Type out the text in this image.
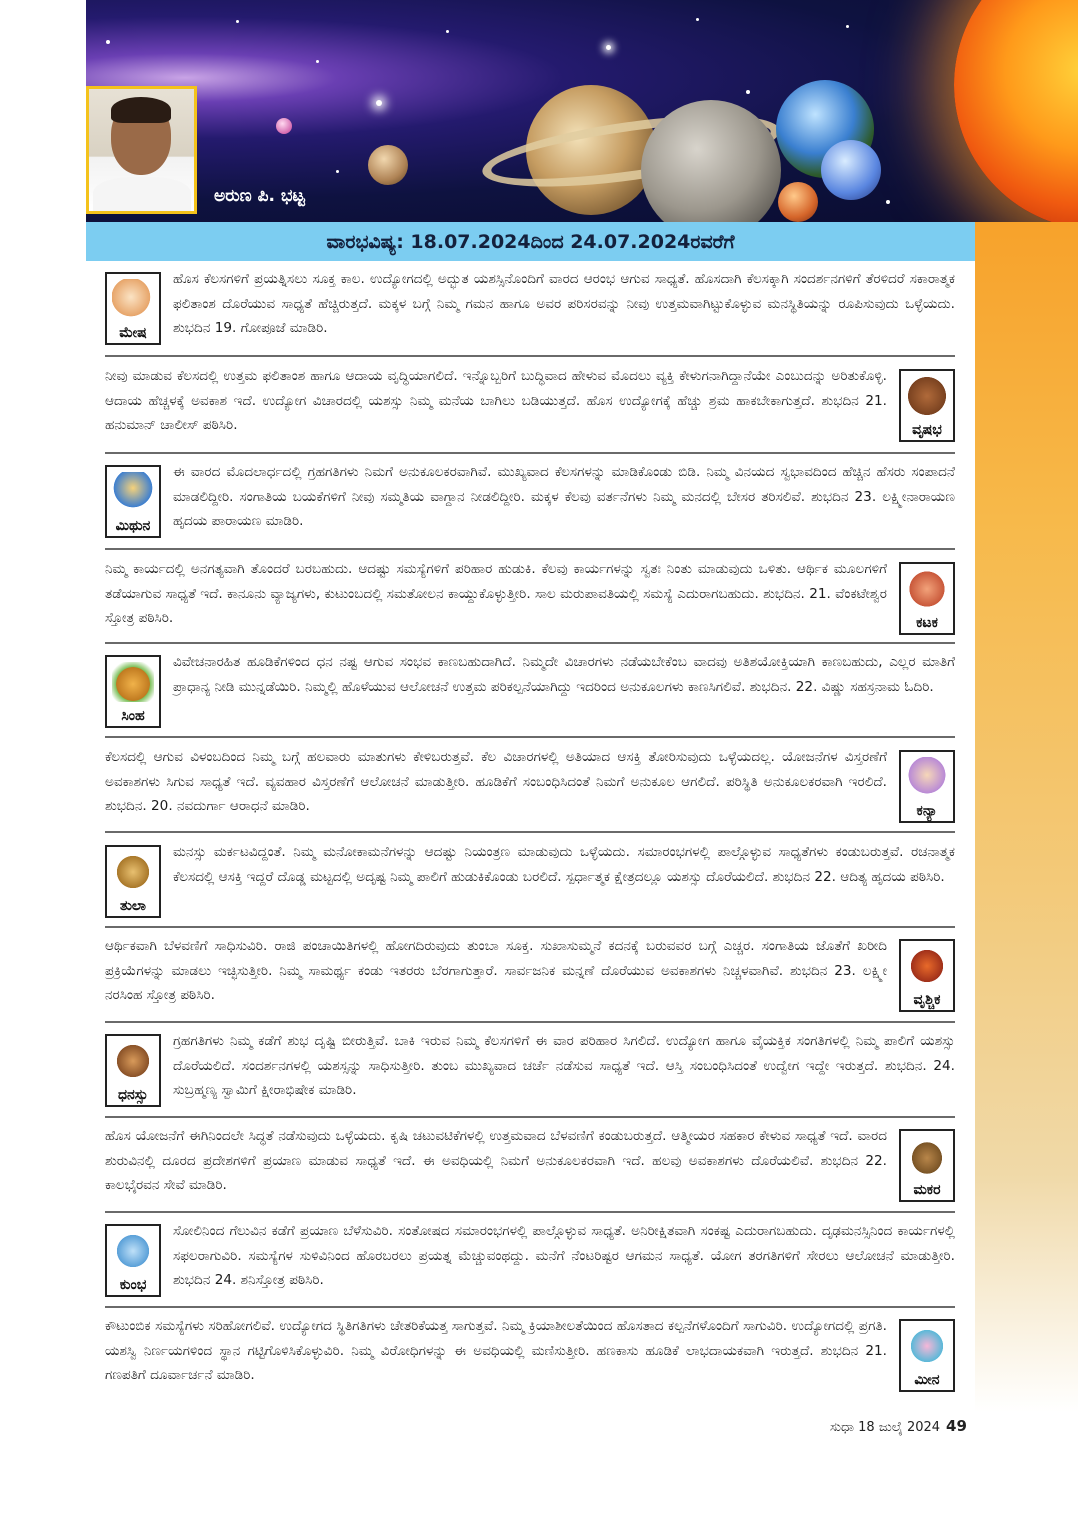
ಅರುಣ ಪಿ. ಭಟ್ಟ
ವಾರಭವಿಷ್ಯ: 18.07.2024ದಿಂದ 24.07.2024ರವರೆಗೆ
ಮೇಷ
ಹೊಸ ಕೆಲಸಗಳಿಗೆ ಪ್ರಯತ್ನಿಸಲು ಸೂಕ್ತ ಕಾಲ. ಉದ್ಯೋಗದಲ್ಲಿ ಅದ್ಭುತ ಯಶಸ್ಸಿನೊಂದಿಗೆ ವಾರದ ಆರಂಭ ಆಗುವ ಸಾಧ್ಯತೆ. ಹೊಸದಾಗಿ ಕೆಲಸಕ್ಕಾಗಿ ಸಂದರ್ಶನಗಳಿಗೆ ತೆರಳಿದರೆ ಸಕಾರಾತ್ಮಕ ಫಲಿತಾಂಶ ದೊರೆಯುವ ಸಾಧ್ಯತೆ ಹೆಚ್ಚಿರುತ್ತದೆ. ಮಕ್ಕಳ ಬಗ್ಗೆ ನಿಮ್ಮ ಗಮನ ಹಾಗೂ ಅವರ ಪರಿಸರವನ್ನು ನೀವು ಉತ್ತಮವಾಗಿಟ್ಟುಕೊಳ್ಳುವ ಮನಸ್ಥಿತಿಯನ್ನು ರೂಪಿಸುವುದು ಒಳ್ಳೆಯದು. ಶುಭದಿನ 19. ಗೋಪೂಜೆ ಮಾಡಿರಿ.
ವೃಷಭ
ನೀವು ಮಾಡುವ ಕೆಲಸದಲ್ಲಿ ಉತ್ತಮ ಫಲಿತಾಂಶ ಹಾಗೂ ಆದಾಯ ವೃದ್ಧಿಯಾಗಲಿದೆ. ಇನ್ನೊಬ್ಬರಿಗೆ ಬುದ್ಧಿವಾದ ಹೇಳುವ ಮೊದಲು ವ್ಯಕ್ತಿ ಕೇಳುಗನಾಗಿದ್ದಾನೆಯೇ ಎಂಬುದನ್ನು ಅರಿತುಕೊಳ್ಳಿ. ಆದಾಯ ಹೆಚ್ಚಳಕ್ಕೆ ಅವಕಾಶ ಇದೆ. ಉದ್ಯೋಗ ವಿಚಾರದಲ್ಲಿ ಯಶಸ್ಸು ನಿಮ್ಮ ಮನೆಯ ಬಾಗಿಲು ಬಡಿಯುತ್ತದೆ. ಹೊಸ ಉದ್ಯೋಗಕ್ಕೆ ಹೆಚ್ಚು ಶ್ರಮ ಹಾಕಬೇಕಾಗುತ್ತದೆ. ಶುಭದಿನ 21. ಹನುಮಾನ್ ಚಾಲೀಸ್ ಪಠಿಸಿರಿ.
ಮಿಥುನ
ಈ ವಾರದ ಮೊದಲಾರ್ಧದಲ್ಲಿ ಗ್ರಹಗತಿಗಳು ನಿಮಗೆ ಅನುಕೂಲಕರವಾಗಿವೆ. ಮುಖ್ಯವಾದ ಕೆಲಸಗಳನ್ನು ಮಾಡಿಕೊಂಡು ಬಿಡಿ. ನಿಮ್ಮ ವಿನಯದ ಸ್ವಭಾವದಿಂದ ಹೆಚ್ಚಿನ ಹೆಸರು ಸಂಪಾದನೆ ಮಾಡಲಿದ್ದೀರಿ. ಸಂಗಾತಿಯ ಬಯಕೆಗಳಿಗೆ ನೀವು ಸಮ್ಮತಿಯ ವಾಗ್ದಾನ ನೀಡಲಿದ್ದೀರಿ. ಮಕ್ಕಳ ಕೆಲವು ವರ್ತನೆಗಳು ನಿಮ್ಮ ಮನದಲ್ಲಿ ಬೇಸರ ತರಿಸಲಿವೆ. ಶುಭದಿನ 23. ಲಕ್ಷ್ಮೀನಾರಾಯಣ ಹೃದಯ ಪಾರಾಯಣ ಮಾಡಿರಿ.
ಕಟಕ
ನಿಮ್ಮ ಕಾರ್ಯದಲ್ಲಿ ಅನಗತ್ಯವಾಗಿ ತೊಂದರೆ ಬರಬಹುದು. ಆದಷ್ಟು ಸಮಸ್ಯೆಗಳಿಗೆ ಪರಿಹಾರ ಹುಡುಕಿ. ಕೆಲವು ಕಾರ್ಯಗಳನ್ನು ಸ್ವತಃ ನಿಂತು ಮಾಡುವುದು ಒಳಿತು. ಆರ್ಥಿಕ ಮೂಲಗಳಿಗೆ ತಡೆಯಾಗುವ ಸಾಧ್ಯತೆ ಇದೆ. ಕಾನೂನು ವ್ಯಾಜ್ಯಗಳು, ಕುಟುಂಬದಲ್ಲಿ ಸಮತೋಲನ ಕಾಯ್ದುಕೊಳ್ಳುತ್ತೀರಿ. ಸಾಲ ಮರುಪಾವತಿಯಲ್ಲಿ ಸಮಸ್ಯೆ ಎದುರಾಗಬಹುದು. ಶುಭದಿನ. 21. ವೆಂಕಟೇಶ್ವರ ಸ್ತೋತ್ರ ಪಠಿಸಿರಿ.
ಸಿಂಹ
ವಿವೇಚನಾರಹಿತ ಹೂಡಿಕೆಗಳಿಂದ ಧನ ನಷ್ಟ ಆಗುವ ಸಂಭವ ಕಾಣಬಹುದಾಗಿದೆ. ನಿಮ್ಮದೇ ವಿಚಾರಗಳು ನಡೆಯಬೇಕೆಂಬ ವಾದವು ಅತಿಶಯೋಕ್ತಿಯಾಗಿ ಕಾಣಬಹುದು, ಎಲ್ಲರ ಮಾತಿಗೆ ಪ್ರಾಧಾನ್ಯ ನೀಡಿ ಮುನ್ನಡೆಯಿರಿ. ನಿಮ್ಮಲ್ಲಿ ಹೊಳೆಯುವ ಆಲೋಚನೆ ಉತ್ತಮ ಪರಿಕಲ್ಪನೆಯಾಗಿದ್ದು ಇದರಿಂದ ಅನುಕೂಲಗಳು ಕಾಣಸಿಗಲಿವೆ. ಶುಭದಿನ. 22. ವಿಷ್ಣು ಸಹಸ್ರನಾಮ ಓದಿರಿ.
ಕನ್ಯಾ
ಕೆಲಸದಲ್ಲಿ ಆಗುವ ವಿಳಂಬದಿಂದ ನಿಮ್ಮ ಬಗ್ಗೆ ಹಲವಾರು ಮಾತುಗಳು ಕೇಳಿಬರುತ್ತವೆ. ಕೆಲ ವಿಚಾರಗಳಲ್ಲಿ ಅತಿಯಾದ ಆಸಕ್ತಿ ತೋರಿಸುವುದು ಒಳ್ಳೆಯದಲ್ಲ. ಯೋಜನೆಗಳ ವಿಸ್ತರಣೆಗೆ ಅವಕಾಶಗಳು ಸಿಗುವ ಸಾಧ್ಯತೆ ಇದೆ. ವ್ಯವಹಾರ ವಿಸ್ತರಣೆಗೆ ಆಲೋಚನೆ ಮಾಡುತ್ತೀರಿ. ಹೂಡಿಕೆಗೆ ಸಂಬಂಧಿಸಿದಂತೆ ನಿಮಗೆ ಅನುಕೂಲ ಆಗಲಿದೆ. ಪರಿಸ್ಥಿತಿ ಅನುಕೂಲಕರವಾಗಿ ಇರಲಿದೆ. ಶುಭದಿನ. 20. ನವದುರ್ಗಾ ಆರಾಧನೆ ಮಾಡಿರಿ.
ತುಲಾ
ಮನಸ್ಸು ಮರ್ಕಟವಿದ್ದಂತೆ. ನಿಮ್ಮ ಮನೋಕಾಮನೆಗಳನ್ನು ಆದಷ್ಟು ನಿಯಂತ್ರಣ ಮಾಡುವುದು ಒಳ್ಳೆಯದು. ಸಮಾರಂಭಗಳಲ್ಲಿ ಪಾಲ್ಗೊಳ್ಳುವ ಸಾಧ್ಯತೆಗಳು ಕಂಡುಬರುತ್ತವೆ. ರಚನಾತ್ಮಕ ಕೆಲಸದಲ್ಲಿ ಆಸಕ್ತಿ ಇದ್ದರೆ ದೊಡ್ಡ ಮಟ್ಟದಲ್ಲಿ ಅದೃಷ್ಟ ನಿಮ್ಮ ಪಾಲಿಗೆ ಹುಡುಕಿಕೊಂಡು ಬರಲಿದೆ. ಸ್ಪರ್ಧಾತ್ಮಕ ಕ್ಷೇತ್ರದಲ್ಲೂ ಯಶಸ್ಸು ದೊರೆಯಲಿದೆ. ಶುಭದಿನ 22. ಆದಿತ್ಯ ಹೃದಯ ಪಠಿಸಿರಿ.
ವೃಶ್ಚಿಕ
ಆರ್ಥಿಕವಾಗಿ ಬೆಳವಣಿಗೆ ಸಾಧಿಸುವಿರಿ. ರಾಜಿ ಪಂಚಾಯಿತಿಗಳಲ್ಲಿ ಹೋಗದಿರುವುದು ತುಂಬಾ ಸೂಕ್ತ. ಸುಖಾಸುಮ್ಮನೆ ಕದನಕ್ಕೆ ಬರುವವರ ಬಗ್ಗೆ ಎಚ್ಚರ. ಸಂಗಾತಿಯ ಜೊತೆಗೆ ಖರೀದಿ ಪ್ರಕ್ರಿಯೆಗಳನ್ನು ಮಾಡಲು ಇಚ್ಛಿಸುತ್ತೀರಿ. ನಿಮ್ಮ ಸಾಮರ್ಥ್ಯ ಕಂಡು ಇತರರು ಬೆರಗಾಗುತ್ತಾರೆ. ಸಾರ್ವಜನಿಕ ಮನ್ನಣೆ ದೊರೆಯುವ ಅವಕಾಶಗಳು ನಿಚ್ಚಳವಾಗಿವೆ. ಶುಭದಿನ 23. ಲಕ್ಷ್ಮೀ ನರಸಿಂಹ ಸ್ತೋತ್ರ ಪಠಿಸಿರಿ.
ಧನಸ್ಸು
ಗ್ರಹಗತಿಗಳು ನಿಮ್ಮ ಕಡೆಗೆ ಶುಭ ದೃಷ್ಟಿ ಬೀರುತ್ತಿವೆ. ಬಾಕಿ ಇರುವ ನಿಮ್ಮ ಕೆಲಸಗಳಿಗೆ ಈ ವಾರ ಪರಿಹಾರ ಸಿಗಲಿದೆ. ಉದ್ಯೋಗ ಹಾಗೂ ವೈಯಕ್ತಿಕ ಸಂಗತಿಗಳಲ್ಲಿ ನಿಮ್ಮ ಪಾಲಿಗೆ ಯಶಸ್ಸು ದೊರೆಯಲಿದೆ. ಸಂದರ್ಶನಗಳಲ್ಲಿ ಯಶಸ್ಸನ್ನು ಸಾಧಿಸುತ್ತೀರಿ. ತುಂಬ ಮುಖ್ಯವಾದ ಚರ್ಚೆ ನಡೆಸುವ ಸಾಧ್ಯತೆ ಇದೆ. ಆಸ್ತಿ ಸಂಬಂಧಿಸಿದಂತೆ ಉದ್ವೇಗ ಇದ್ದೇ ಇರುತ್ತದೆ. ಶುಭದಿನ. 24. ಸುಬ್ರಹ್ಮಣ್ಯ ಸ್ವಾಮಿಗೆ ಕ್ಷೀರಾಭಿಷೇಕ ಮಾಡಿರಿ.
ಮಕರ
ಹೊಸ ಯೋಜನೆಗೆ ಈಗಿನಿಂದಲೇ ಸಿದ್ಧತೆ ನಡೆಸುವುದು ಒಳ್ಳೆಯದು. ಕೃಷಿ ಚಟುವಟಿಕೆಗಳಲ್ಲಿ ಉತ್ತಮವಾದ ಬೆಳವಣಿಗೆ ಕಂಡುಬರುತ್ತದೆ. ಆತ್ಮೀಯರ ಸಹಕಾರ ಕೇಳುವ ಸಾಧ್ಯತೆ ಇದೆ. ವಾರದ ಶುರುವಿನಲ್ಲಿ ದೂರದ ಪ್ರದೇಶಗಳಿಗೆ ಪ್ರಯಾಣ ಮಾಡುವ ಸಾಧ್ಯತೆ ಇದೆ. ಈ ಅವಧಿಯಲ್ಲಿ ನಿಮಗೆ ಅನುಕೂಲಕರವಾಗಿ ಇದೆ. ಹಲವು ಅವಕಾಶಗಳು ದೊರೆಯಲಿವೆ. ಶುಭದಿನ 22. ಕಾಲಭೈರವನ ಸೇವೆ ಮಾಡಿರಿ.
ಕುಂಭ
ಸೋಲಿನಿಂದ ಗೆಲುವಿನ ಕಡೆಗೆ ಪ್ರಯಾಣ ಬೆಳೆಸುವಿರಿ. ಸಂತೋಷದ ಸಮಾರಂಭಗಳಲ್ಲಿ ಪಾಲ್ಗೊಳ್ಳುವ ಸಾಧ್ಯತೆ. ಅನಿರೀಕ್ಷಿತವಾಗಿ ಸಂಕಷ್ಟ ಎದುರಾಗಬಹುದು. ದೃಢಮನಸ್ಸಿನಿಂದ ಕಾರ್ಯಗಳಲ್ಲಿ ಸಫಲರಾಗುವಿರಿ. ಸಮಸ್ಯೆಗಳ ಸುಳಿವಿನಿಂದ ಹೊರಬರಲು ಪ್ರಯತ್ನ ಮೆಚ್ಚುವಂಥದ್ದು. ಮನೆಗೆ ನೆಂಟರಿಷ್ಟರ ಆಗಮನ ಸಾಧ್ಯತೆ. ಯೋಗ ತರಗತಿಗಳಿಗೆ ಸೇರಲು ಆಲೋಚನೆ ಮಾಡುತ್ತೀರಿ. ಶುಭದಿನ 24. ಶನಿಸ್ತೋತ್ರ ಪಠಿಸಿರಿ.
ಮೀನ
ಕೌಟುಂಬಿಕ ಸಮಸ್ಯೆಗಳು ಸರಿಹೋಗಲಿವೆ. ಉದ್ಯೋಗದ ಸ್ಥಿತಿಗತಿಗಳು ಚೇತರಿಕೆಯತ್ತ ಸಾಗುತ್ತವೆ. ನಿಮ್ಮ ಕ್ರಿಯಾಶೀಲತೆಯಿಂದ ಹೊಸತಾದ ಕಲ್ಪನೆಗಳೊಂದಿಗೆ ಸಾಗುವಿರಿ. ಉದ್ಯೋಗದಲ್ಲಿ ಪ್ರಗತಿ. ಯಶಸ್ವಿ ನಿರ್ಣಯಗಳಿಂದ ಸ್ಥಾನ ಗಟ್ಟಿಗೊಳಿಸಿಕೊಳ್ಳುವಿರಿ. ನಿಮ್ಮ ವಿರೋಧಿಗಳನ್ನು ಈ ಅವಧಿಯಲ್ಲಿ ಮಣಿಸುತ್ತೀರಿ. ಹಣಕಾಸು ಹೂಡಿಕೆ ಲಾಭದಾಯಕವಾಗಿ ಇರುತ್ತದೆ. ಶುಭದಿನ 21. ಗಣಪತಿಗೆ ದೂರ್ವಾರ್ಚನೆ ಮಾಡಿರಿ.
ಸುಧಾ 18 ಜುಲೈ 2024 49
